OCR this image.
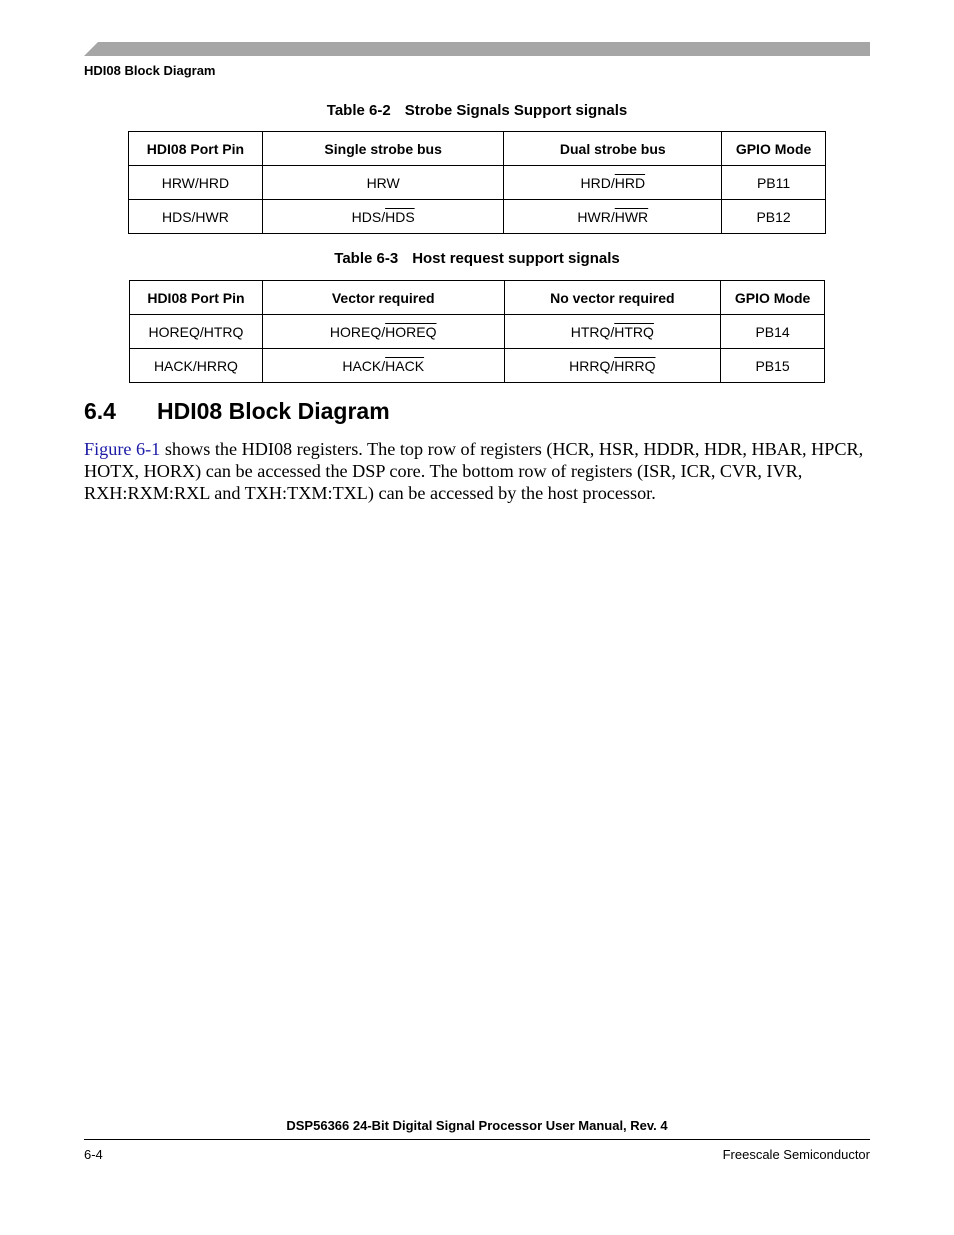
HDI08 Block Diagram
Table 6-2 Strobe Signals Support signals
HDI08 Port Pin	Single strobe bus	Dual strobe bus	GPIO Mode
HRW/HRD	HRW	HRD/$\overline{HRD}$	PB11
HDS/HWR	HDS/$\overline{HDS}$	HWR/$\overline{HWR}$	PB12
Table 6-3 Host request support signals
HDI08 Port Pin	Vector required	No vector required	GPIO Mode
HOREQ/HTRQ	HOREQ/HOREQ	HTRQ/HTRQ	PB14
HACK/HRRQ	HACK/HACK	HRRQ/HRRQ	PB15
6.4 HDI08 Block Diagram
Figure 6-1 shows the HDI08 registers. The top row of registers (HCR, HSR, HDDR, HDR, HBAR, HPCR, HOTX, HORX) can be accessed the DSP core. The bottom row of registers (ISR, ICR, CVR, IVR, RXH:RXM:RXL and TXH:TXM:TXL) can be accessed by the host processor.
DSP56366 24-Bit Digital Signal Processor User Manual, Rev. 4
6-4	Freescale Semiconductor
